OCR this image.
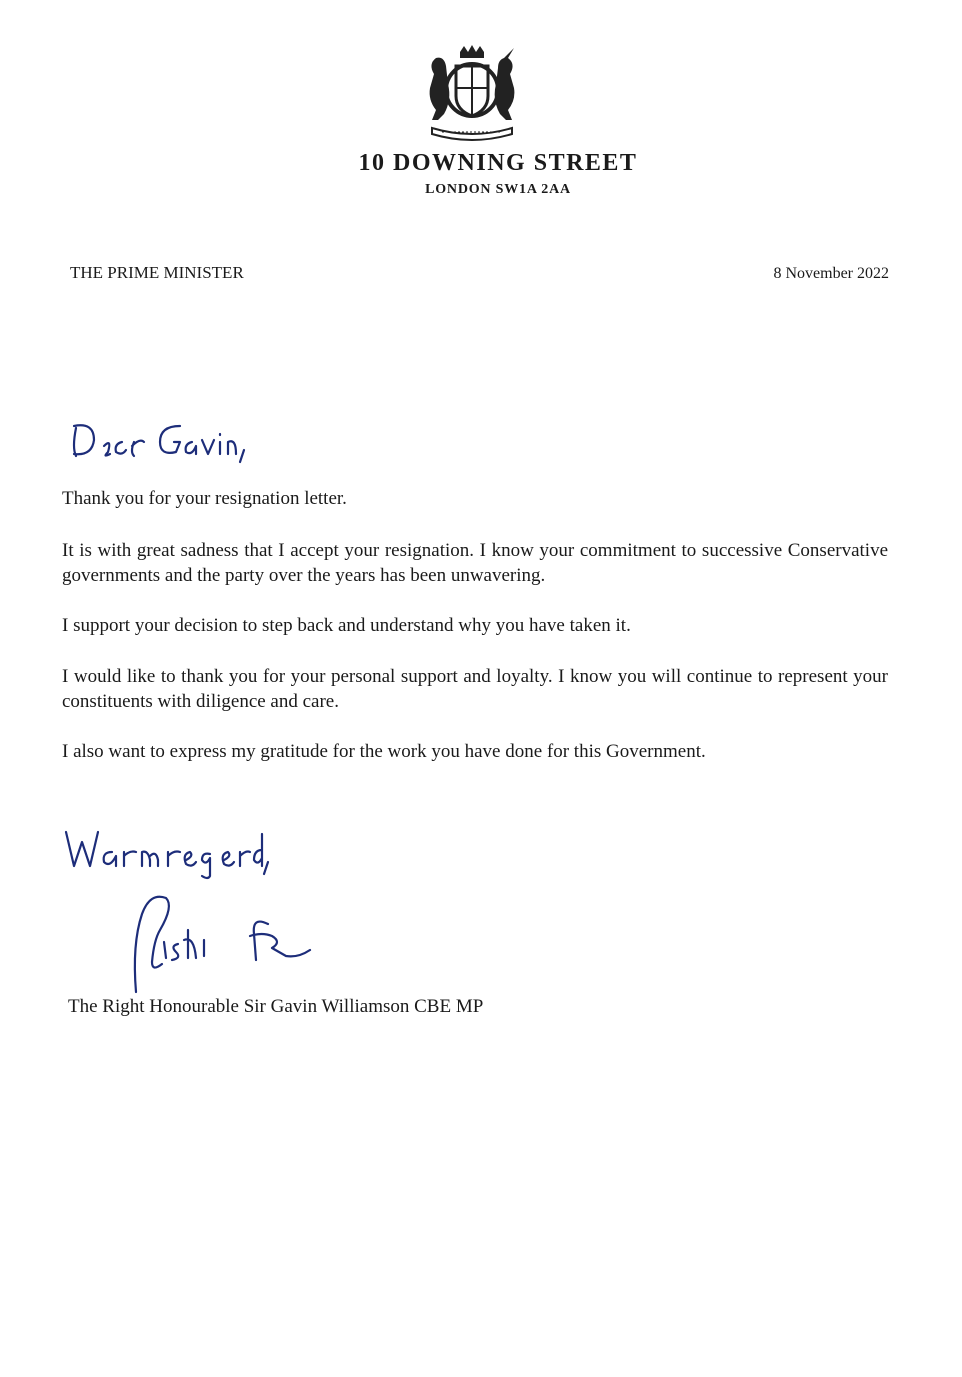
10 DOWNING STREET
LONDON SW1A 2AA
THE PRIME MINISTER	8 November 2022

Thank you for your resignation letter.

It is with great sadness that I accept your resignation. I know your commitment to successive Conservative governments and the party over the years has been unwavering.

I support your decision to step back and understand why you have taken it.

I would like to thank you for your personal support and loyalty. I know you will continue to represent your constituents with diligence and care.

I also want to express my gratitude for the work you have done for this Government.

The Right Honourable Sir Gavin Williamson CBE MP
